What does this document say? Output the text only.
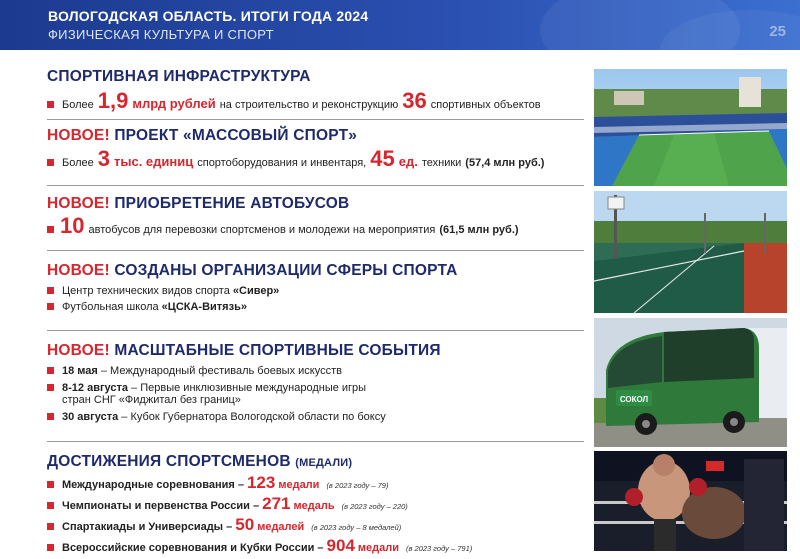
ВОЛОГОДСКАЯ ОБЛАСТЬ. ИТОГИ ГОДА 2024
ФИЗИЧЕСКАЯ КУЛЬТУРА И СПОРТ	25
СПОРТИВНАЯ ИНФРАСТРУКТУРА
Более 1,9 млрд рублей на строительство и реконструкцию 36 спортивных объектов
НОВОЕ! ПРОЕКТ «МАССОВЫЙ СПОРТ»
Более 3 тыс. единиц спортоборудования и инвентаря, 45 ед. техники (57,4 млн руб.)
НОВОЕ! ПРИОБРЕТЕНИЕ АВТОБУСОВ
10 автобусов для перевозки спортсменов и молодежи на мероприятия (61,5 млн руб.)
НОВОЕ! СОЗДАНЫ ОРГАНИЗАЦИИ СФЕРЫ СПОРТА
Центр технических видов спорта
«Сивер»
Футбольная школа
«ЦСКА-Витязь»
НОВОЕ! МАСШТАБНЫЕ СПОРТИВНЫЕ СОБЫТИЯ
18 мая – Международный фестиваль боевых искусств
8-12 августа – Первые инклюзивные международные игры
стран СНГ «Фиджитал без границ»
30 августа – Кубок Губернатора Вологодской области по боксу
ДОСТИЖЕНИЯ СПОРТСМЕНОВ (МЕДАЛИ)
Международные соревнования – 123 медали (в 2023 году – 79)
Чемпионаты и первенства России – 271 медаль (в 2023 году – 220)
Спартакиады и Универсиады – 50 медалей (в 2023 году – 8 медалей)
Всероссийские соревнования и Кубки России – 904 медали (в 2023 году – 791)
СОКОЛ
